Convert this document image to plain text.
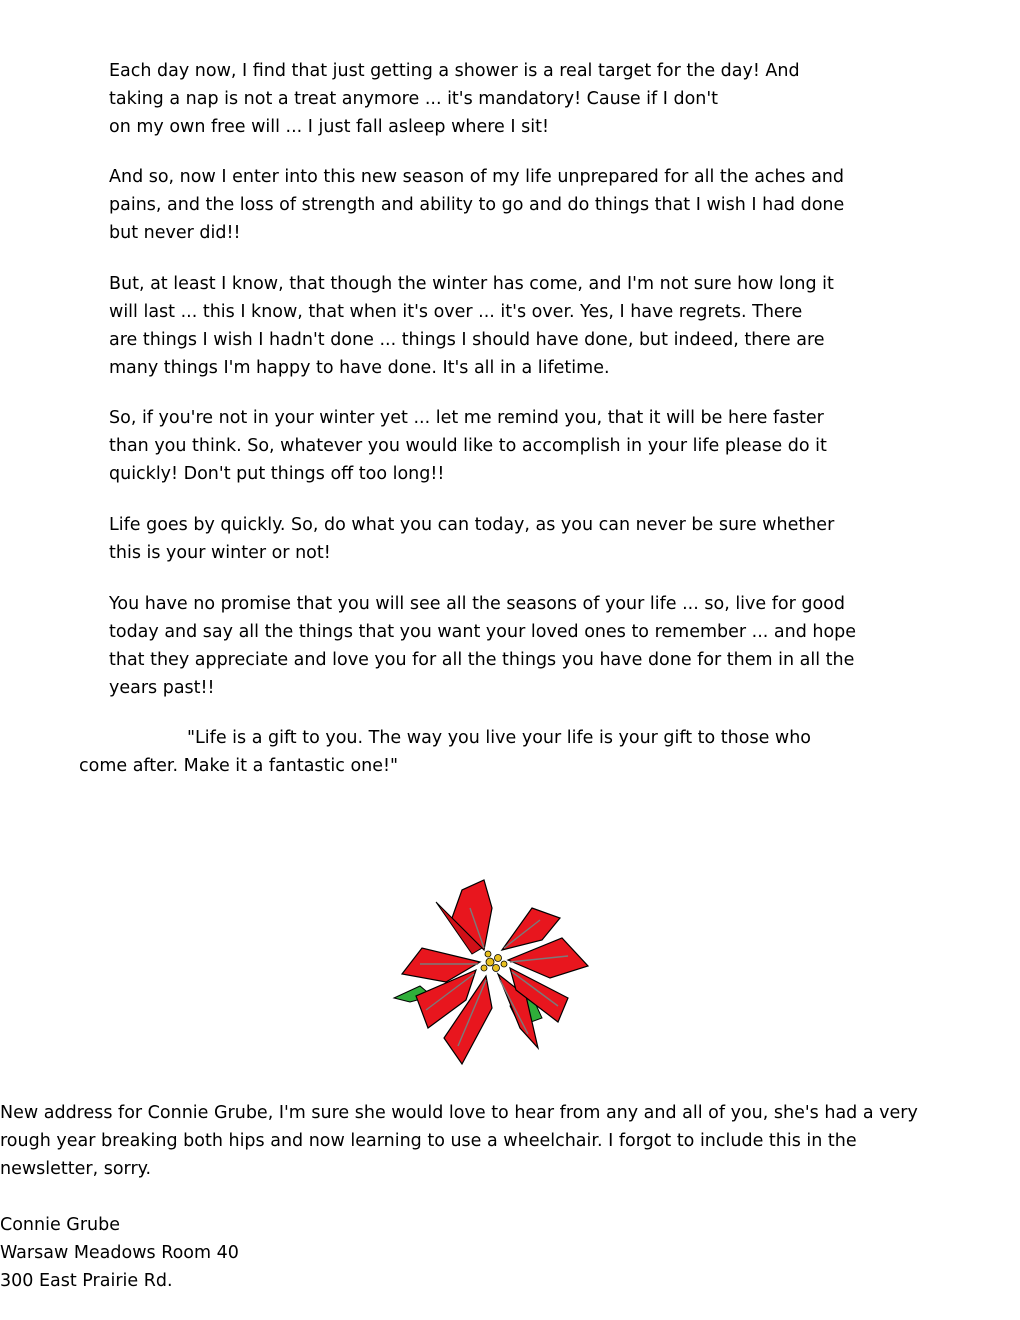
Each day now, I find that just getting a shower is a real target for the day! And
taking a nap is not a treat anymore ... it's mandatory! Cause if I don't
on my own free will ... I just fall asleep where I sit!
And so, now I enter into this new season of my life unprepared for all the aches and
pains, and the loss of strength and ability to go and do things that I wish I had done
but never did!!
But, at least I know, that though the winter has come, and I'm not sure how long it
will last ... this I know, that when it's over ... it's over. Yes, I have regrets. There
are things I wish I hadn't done ... things I should have done, but indeed, there are
many things I'm happy to have done. It's all in a lifetime.
So, if you're not in your winter yet ... let me remind you, that it will be here faster
than you think. So, whatever you would like to accomplish in your life please do it
quickly! Don't put things off too long!!
Life goes by quickly. So, do what you can today, as you can never be sure whether
this is your winter or not!
You have no promise that you will see all the seasons of your life ... so, live for good
today and say all the things that you want your loved ones to remember ... and hope
that they appreciate and love you for all the things you have done for them in all the
years past!!
"Life is a gift to you. The way you live your life is your gift to those who
come after. Make it a fantastic one!"
New address for Connie Grube, I'm sure she would love to hear from any and all of you, she's had a very
rough year breaking both hips and now learning to use a wheelchair. I forgot to include this in the
newsletter, sorry.
Connie Grube
Warsaw Meadows Room 40
300 East Prairie Rd.
